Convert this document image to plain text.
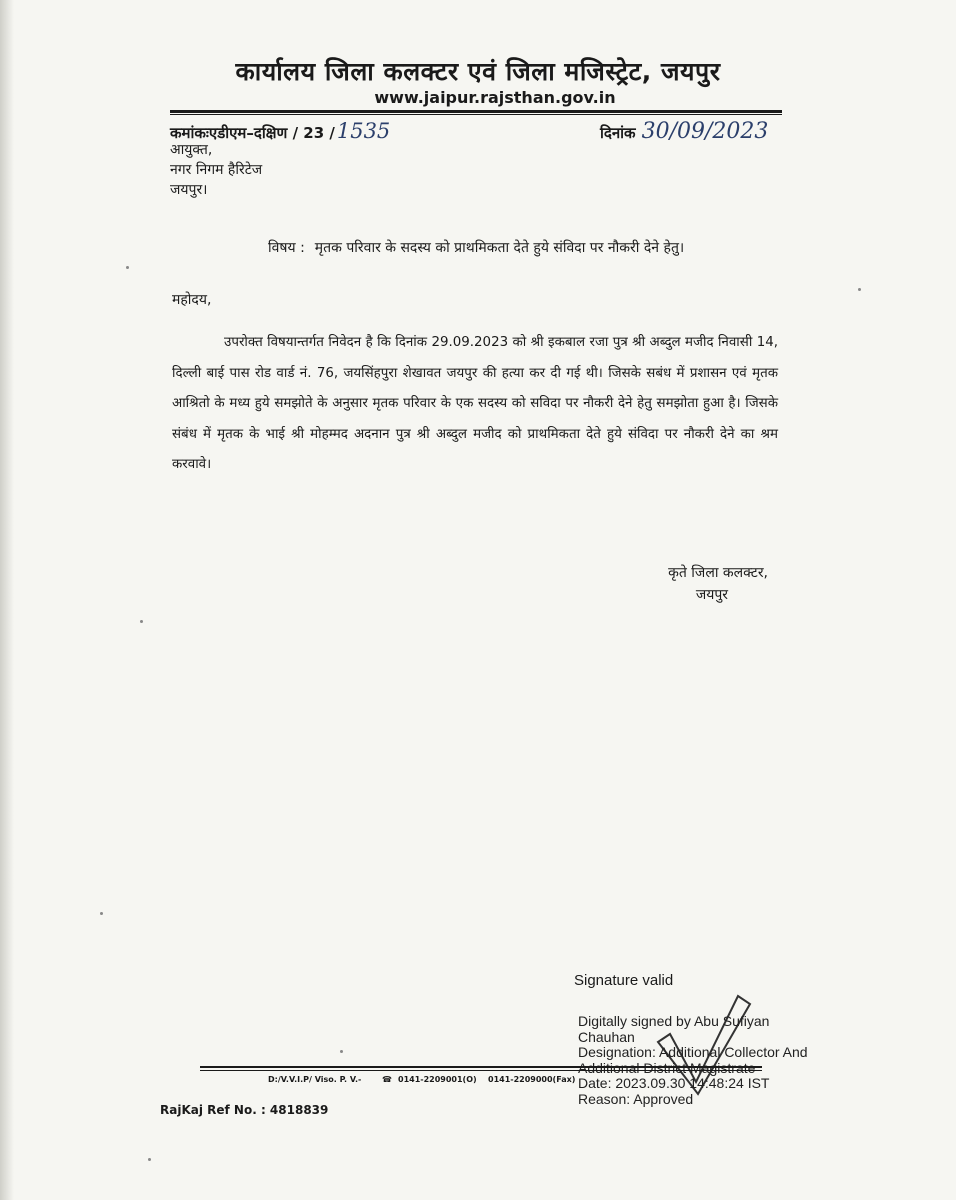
कार्यालय जिला कलक्टर एवं जिला मजिस्ट्रेट, जयपुर
www.jaipur.rajsthan.gov.in
कमांकःएडीएम–दक्षिण / 23 /1535	दिनांक 30/09/2023
आयुक्त,
नगर निगम हैरिटेज
जयपुर।
विषय : मृतक परिवार के सदस्य को प्राथमिकता देते हुये संविदा पर नौकरी देने हेतु।
महोदय,
उपरोक्त विषयान्तर्गत निवेदन है कि दिनांक 29.09.2023 को श्री इकबाल रजा पुत्र श्री अब्दुल मजीद निवासी 14, दिल्ली बाई पास रोड वार्ड नं. 76, जयसिंहपुरा शेखावत जयपुर की हत्या कर दी गई थी। जिसके सबंध में प्रशासन एवं मृतक आश्रितो के मध्य हुये समझोते के अनुसार मृतक परिवार के एक सदस्य को सविदा पर नौकरी देने हेतु समझोता हुआ है। जिसके संबंध में मृतक के भाई श्री मोहम्मद अदनान पुत्र श्री अब्दुल मजीद को प्राथमिकता देते हुये संविदा पर नौकरी देने का श्रम करवावे।
कृते जिला कलक्टर,
जयपुर
Signature valid
Digitally signed by Abu Sufiyan
Chauhan
Designation: Additional Collector And
Date: 2023.09.30 14:48:24 IST
Reason: Approved
D:/V.V.I.P/ Viso. P. V.-	☎ 0141-2209001(O) 0141-2209000(Fax)
RajKaj Ref No. : 4818839
